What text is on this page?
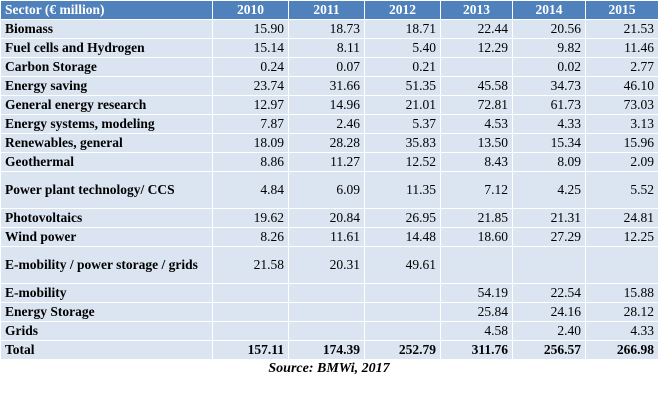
Sector (€ million)	2010	2011	2012	2013	2014	2015
Biomass	15.90	18.73	18.71	22.44	20.56	21.53
Fuel cells and Hydrogen	15.14	8.11	5.40	12.29	9.82	11.46
Carbon Storage	0.24	0.07	0.21		0.02	2.77
Energy saving	23.74	31.66	51.35	45.58	34.73	46.10
General energy research	12.97	14.96	21.01	72.81	61.73	73.03
Energy systems, modeling	7.87	2.46	5.37	4.53	4.33	3.13
Renewables, general	18.09	28.28	35.83	13.50	15.34	15.96
Geothermal	8.86	11.27	12.52	8.43	8.09	2.09
Power plant technology/ CCS	4.84	6.09	11.35	7.12	4.25	5.52
Photovoltaics	19.62	20.84	26.95	21.85	21.31	24.81
Wind power	8.26	11.61	14.48	18.60	27.29	12.25
E-mobility / power storage / grids	21.58	20.31	49.61			
E-mobility				54.19	22.54	15.88
Energy Storage				25.84	24.16	28.12
Grids				4.58	2.40	4.33
Total	157.11	174.39	252.79	311.76	256.57	266.98
Source: BMWi, 2017
